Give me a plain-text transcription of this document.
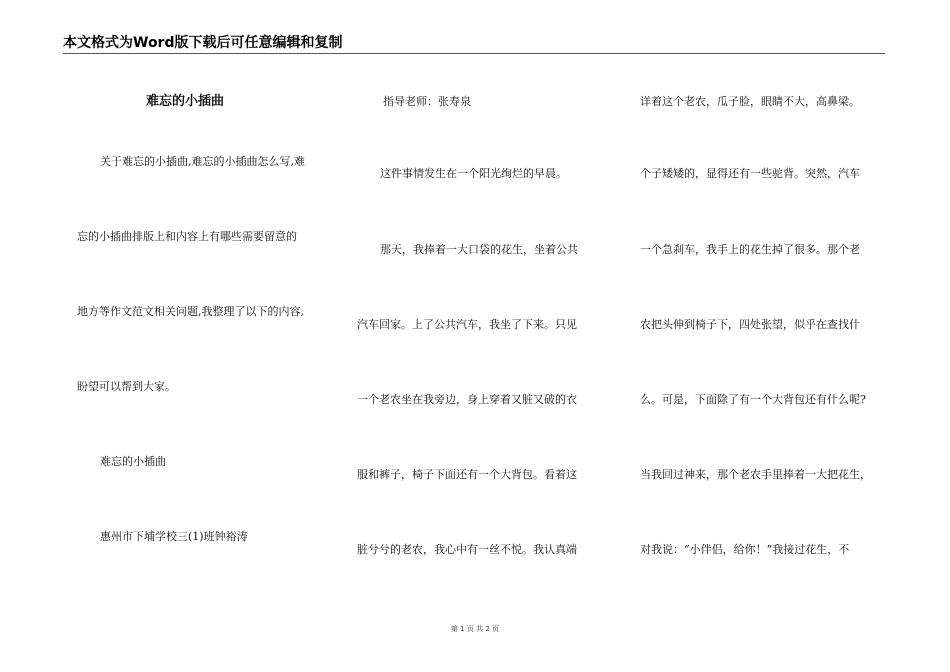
本文格式为Word版下载后可任意编辑和复制
难忘的小插曲
关于难忘的小插曲,难忘的小插曲怎么写,难
忘的小插曲排版上和内容上有哪些需要留意的
地方等作文范文相关问题,我整理了以下的内容,
盼望可以帮到大家。
难忘的小插曲
惠州市下埔学校三(1)班钟裕涛
指导老师：张寿泉
这件事情发生在一个阳光绚烂的早晨。
那天，我捧着一大口袋的花生，坐着公共
汽车回家。上了公共汽车，我坐了下来。只见
一个老农坐在我旁边，身上穿着又脏又破的衣
服和裤子，椅子下面还有一个大背包。看着这
脏兮兮的老农，我心中有一丝不悦。我认真端
详着这个老农，瓜子脸，眼睛不大，高鼻梁。
个子矮矮的，显得还有一些驼背。突然，汽车
一个急刹车，我手上的花生掉了很多。那个老
农把头伸到椅子下，四处张望，似乎在查找什
么。可是，下面除了有一个大背包还有什么呢?
当我回过神来，那个老农手里捧着一大把花生，
对我说：“小伴侣，给你！”我接过花生，不
第 1 页 共 2 页
